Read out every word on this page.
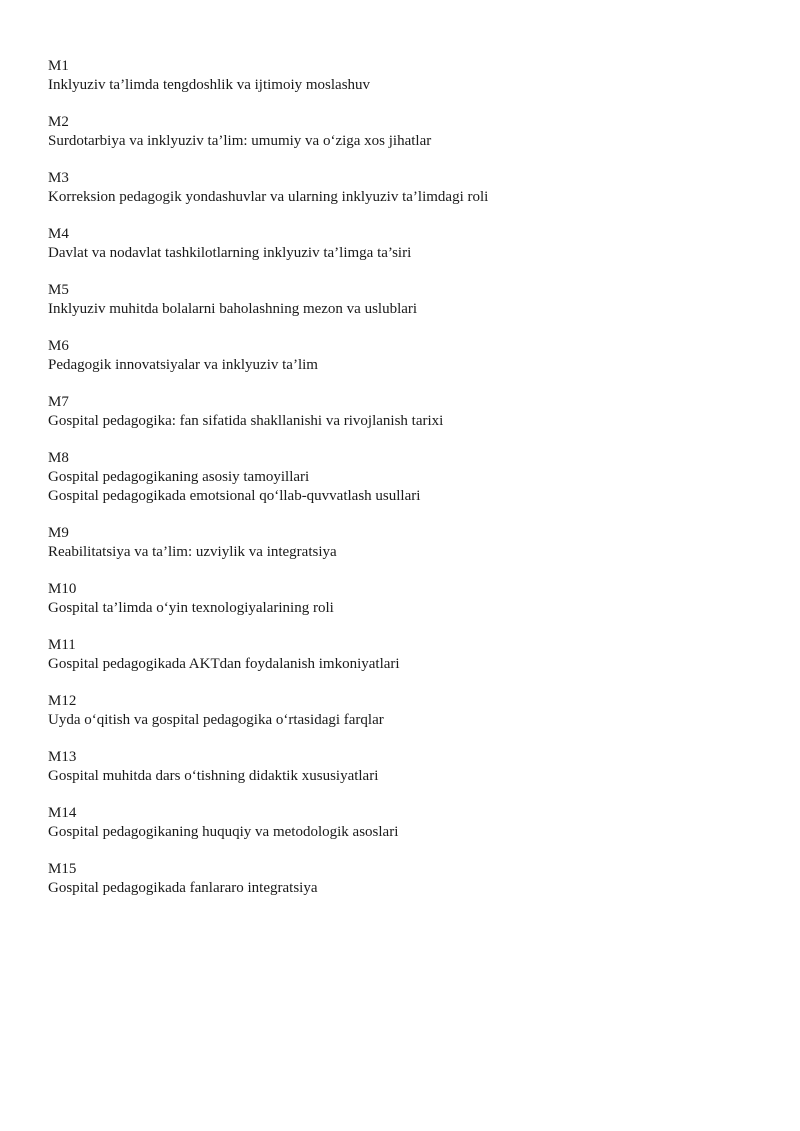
M1
Inklyuziv ta’limda tengdoshlik va ijtimoiy moslashuv
M2
Surdotarbiya va inklyuziv ta’lim: umumiy va o‘ziga xos jihatlar
M3
Korreksion pedagogik yondashuvlar va ularning inklyuziv ta’limdagi roli
M4
Davlat va nodavlat tashkilotlarning inklyuziv ta’limga ta’siri
M5
Inklyuziv muhitda bolalarni baholashning mezon va uslublari
M6
Pedagogik innovatsiyalar va inklyuziv ta’lim
M7
Gospital pedagogika: fan sifatida shakllanishi va rivojlanish tarixi
M8
Gospital pedagogikaning asosiy tamoyillari
Gospital pedagogikada emotsional qo‘llab-quvvatlash usullari
M9
Reabilitatsiya va ta’lim: uzviylik va integratsiya
M10
Gospital ta’limda o‘yin texnologiyalarining roli
M11
Gospital pedagogikada AKTdan foydalanish imkoniyatlari
M12
Uyda o‘qitish va gospital pedagogika o‘rtasidagi farqlar
M13
Gospital muhitda dars o‘tishning didaktik xususiyatlari
M14
Gospital pedagogikaning huquqiy va metodologik asoslari
M15
Gospital pedagogikada fanlararo integratsiya
